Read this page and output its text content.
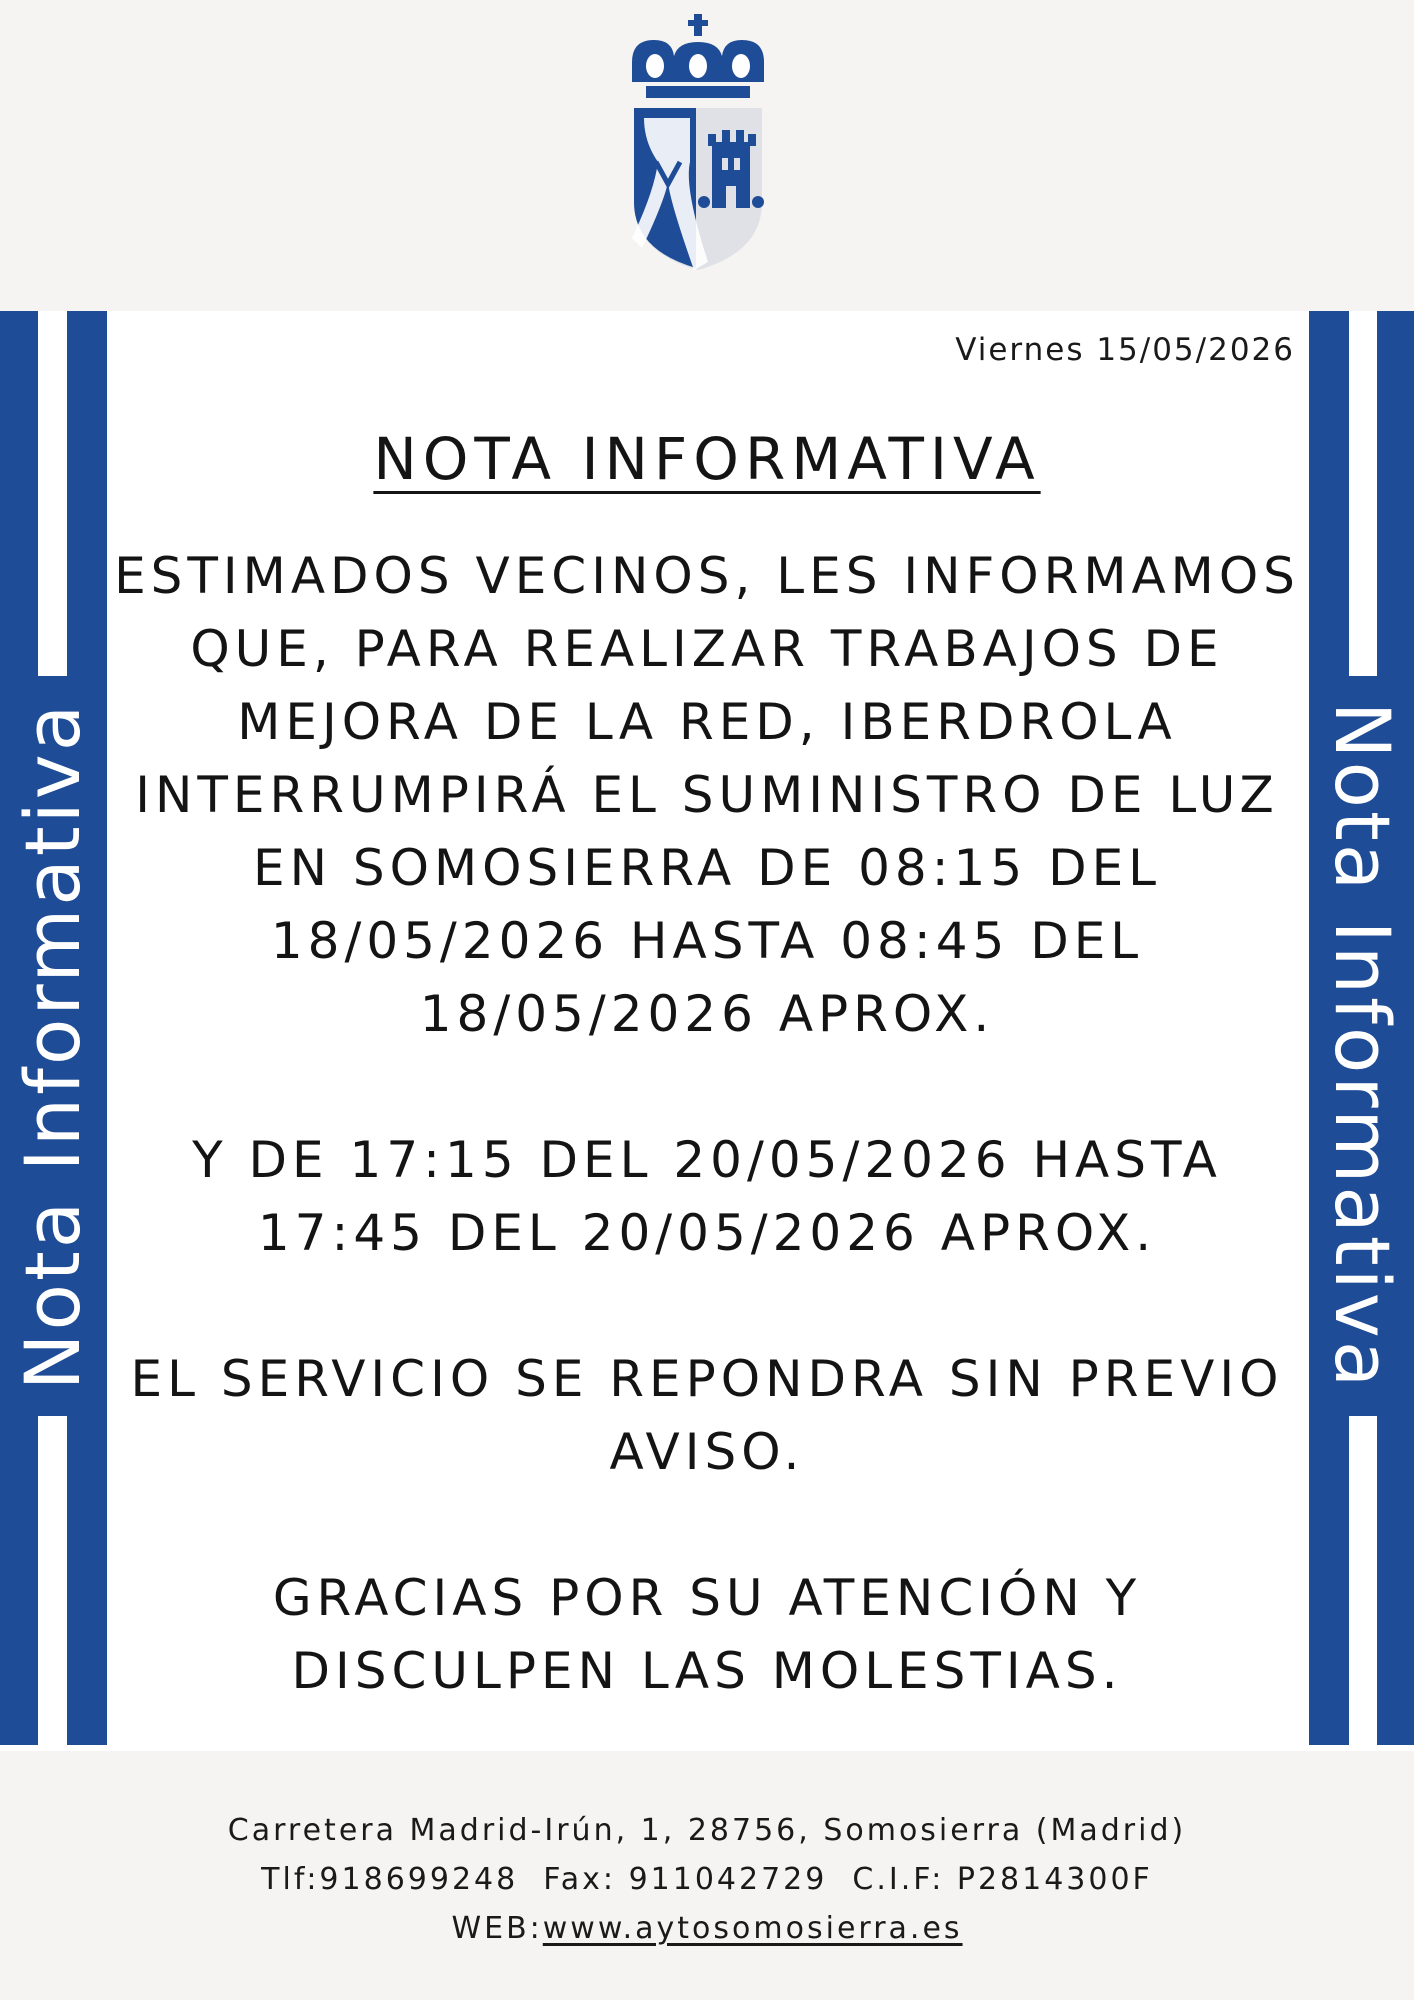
Nota Informativa	Nota Informativa
Viernes 15/05/2026
NOTA INFORMATIVA
ESTIMADOS VECINOS, LES INFORMAMOS
QUE, PARA REALIZAR TRABAJOS DE
MEJORA DE LA RED, IBERDROLA
INTERRUMPIRÁ EL SUMINISTRO DE LUZ
EN SOMOSIERRA DE 08:15 DEL
18/05/2026 HASTA 08:45 DEL
18/05/2026 APROX.
Y DE 17:15 DEL 20/05/2026 HASTA
17:45 DEL 20/05/2026 APROX.
EL SERVICIO SE REPONDRA SIN PREVIO
AVISO.
GRACIAS POR SU ATENCIÓN Y
DISCULPEN LAS MOLESTIAS.
Carretera Madrid-Irún, 1, 28756, Somosierra (Madrid)
Tlf:918699248  Fax: 911042729  C.I.F: P2814300F
WEB:www.aytosomosierra.es
